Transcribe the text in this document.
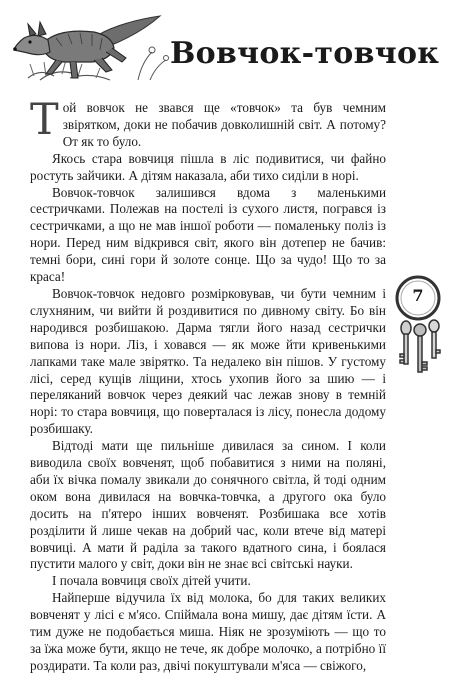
Вовчок-товчок

Той вовчок не звався ще «товчок» та був чемним звірятком, доки не побачив довколишній світ. А потому? От як то було.

Якось стара вовчиця пішла в ліс подивитися, чи файно ростуть зайчики. А дітям наказала, аби тихо сиділи в норі.

Вовчок-товчок залишився вдома з маленькими сестричками. Полежав на постелі із сухого листя, погрався із сестричками, а що не мав іншої роботи — помаленьку поліз із нори. Перед ним відкрився світ, якого він дотепер не бачив: темні бори, сині гори й золоте сонце. Що за чудо! Що то за краса!

Вовчок-товчок недовго розмірковував, чи бути чемним і слухняним, чи вийти й роздивитися по дивному світу. Бо він народився розбишакою. Дарма тягли його назад сестрички випова із нори. Ліз, і ховався — як може йти кривенькими лапками таке мале звірятко. Та недалеко він пішов. У густому лісі, серед кущів ліщини, хтось ухопив його за шию — і переляканий вовчок через деякий час лежав знову в темній норі: то стара вовчиця, що поверталася із лісу, понесла додому розбишаку.

Відтоді мати ще пильніше дивилася за сином. І коли виводила своїх вовченят, щоб побавитися з ними на поляні, аби їх вічка помалу звикали до сонячного світла, й тоді одним оком вона дивилася на вовчка-товчка, а другого ока було досить на п'ятеро інших вовченят. Розбишака все хотів розділити й лише чекав на добрий час, коли втече від матері вовчиці. А мати й раділа за такого вдатного сина, і боялася пустити малого у світ, доки він не знає всі світські науки.

І почала вовчиця своїх дітей учити.

Найперше відучила їх від молока, бо для таких великих вовченят у лісі є м'ясо. Спіймала вона мишу, дає дітям їсти. А тим дуже не подобається миша. Ніяк не зрозуміють — що то за їжа може бути, якщо не тече, як добре молочко, а потрібно її роздирати. Та коли раз, двічі покуштували м'яса — свіжого,

7
